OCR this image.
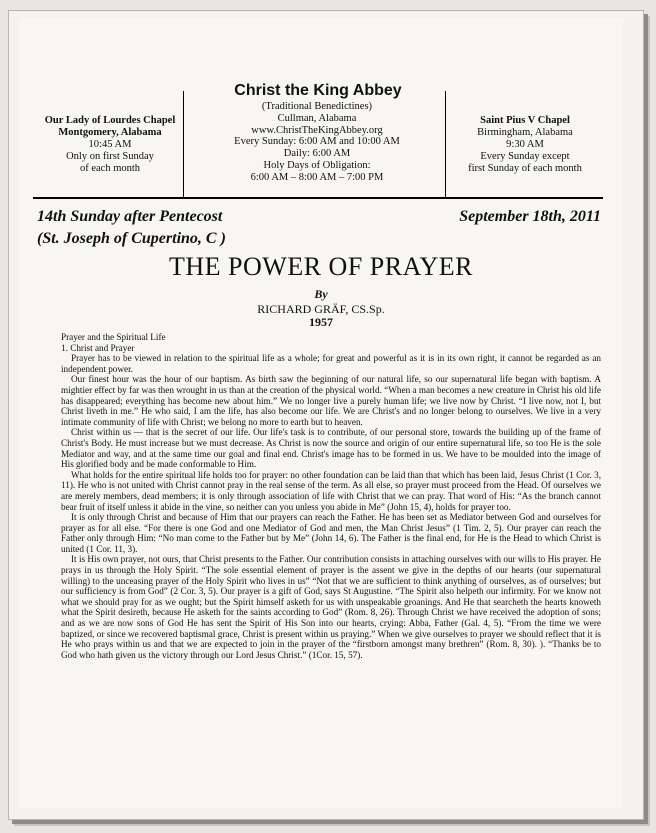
Christ the King Abbey
(Traditional Benedictines)
Cullman, Alabama
www.ChristTheKingAbbey.org
Every Sunday: 6:00 AM and 10:00 AM
Daily: 6:00 AM
Holy Days of Obligation:
6:00 AM – 8:00 AM – 7:00 PM
Our Lady of Lourdes Chapel
Montgomery, Alabama
10:45 AM
Only on first Sunday
of each month
Saint Pius V Chapel
Birmingham, Alabama
9:30 AM
Every Sunday except
first Sunday of each month
14th Sunday after Pentecost
(St. Joseph of Cupertino, C )
September 18th, 2011
THE POWER OF PRAYER
By
RICHARD GRÄF, CS.Sp.
1957

Prayer and the Spiritual Life

1. Christ and Prayer

Prayer has to be viewed in relation to the spiritual life as a whole; for great and powerful as it is in its own right, it cannot be regarded as an independent power.

Our finest hour was the hour of our baptism. As birth saw the beginning of our natural life, so our supernatural life began with baptism. A mightier effect by far was then wrought in us than at the creation of the physical world. “When a man becomes a new creature in Christ his old life has disappeared; everything has become new about him.” We no longer live a purely human life; we live now by Christ. “I live now, not I, but Christ liveth in me.” He who said, I am the life, has also become our life. We are Christ's and no longer belong to ourselves. We live in a very intimate community of life with Christ; we belong no more to earth but to heaven.

Christ within us — that is the secret of our life. Our life's task is to contribute, of our personal store, towards the building up of the frame of Christ's Body. He must increase but we must decrease. As Christ is now the source and origin of our entire supernatural life, so too He is the sole Mediator and way, and at the same time our goal and final end. Christ's image has to be formed in us. We have to be moulded into the image of His glorified body and be made conformable to Him.

What holds for the entire spiritual life holds too for prayer: no other foundation can be laid than that which has been laid, Jesus Christ (1 Cor. 3, 11). He who is not united with Christ cannot pray in the real sense of the term. As all else, so prayer must proceed from the Head. Of ourselves we are merely members, dead members; it is only through association of life with Christ that we can pray. That word of His: “As the branch cannot bear fruit of itself unless it abide in the vine, so neither can you unless you abide in Me” (John 15, 4), holds for prayer too.

It is only through Christ and because of Him that our prayers can reach the Father. He has been set as Mediator between God and ourselves for prayer as for all else. “For there is one God and one Mediator of God and men, the Man Christ Jesus” (1 Tim. 2, 5). Our prayer can reach the Father only through Him: “No man come to the Father but by Me” (John 14, 6). The Father is the final end, for He is the Head to which Christ is united (1 Cor. 11, 3).

It is His own prayer, not ours, that Christ presents to the Father. Our contribution consists in attaching ourselves with our wills to His prayer. He prays in us through the Holy Spirit. “The sole essential element of prayer is the assent we give in the depths of our hearts (our supernatural willing) to the unceasing prayer of the Holy Spirit who lives in us” “Not that we are sufficient to think anything of ourselves, as of ourselves; but our sufficiency is from God” (2 Cor. 3, 5). Our prayer is a gift of God, says St Augustine. “The Spirit also helpeth our infirmity. For we know not what we should pray for as we ought; but the Spirit himself asketh for us with unspeakable groanings. And He that searcheth the hearts knoweth what the Spirit desireth, because He asketh for the saints according to God” (Rom. 8, 26). Through Christ we have received the adoption of sons; and as we are now sons of God He has sent the Spirit of His Son into our hearts, crying: Abba, Father (Gal. 4, 5). “From the time we were baptized, or since we recovered baptismal grace, Christ is present within us praying.” When we give ourselves to prayer we should reflect that it is He who prays within us and that we are expected to join in the prayer of the “firstborn amongst many brethren” (Rom. 8, 30). ). “Thanks be to God who hath given us the victory through our Lord Jesus Christ.” (1Cor. 15, 57).
